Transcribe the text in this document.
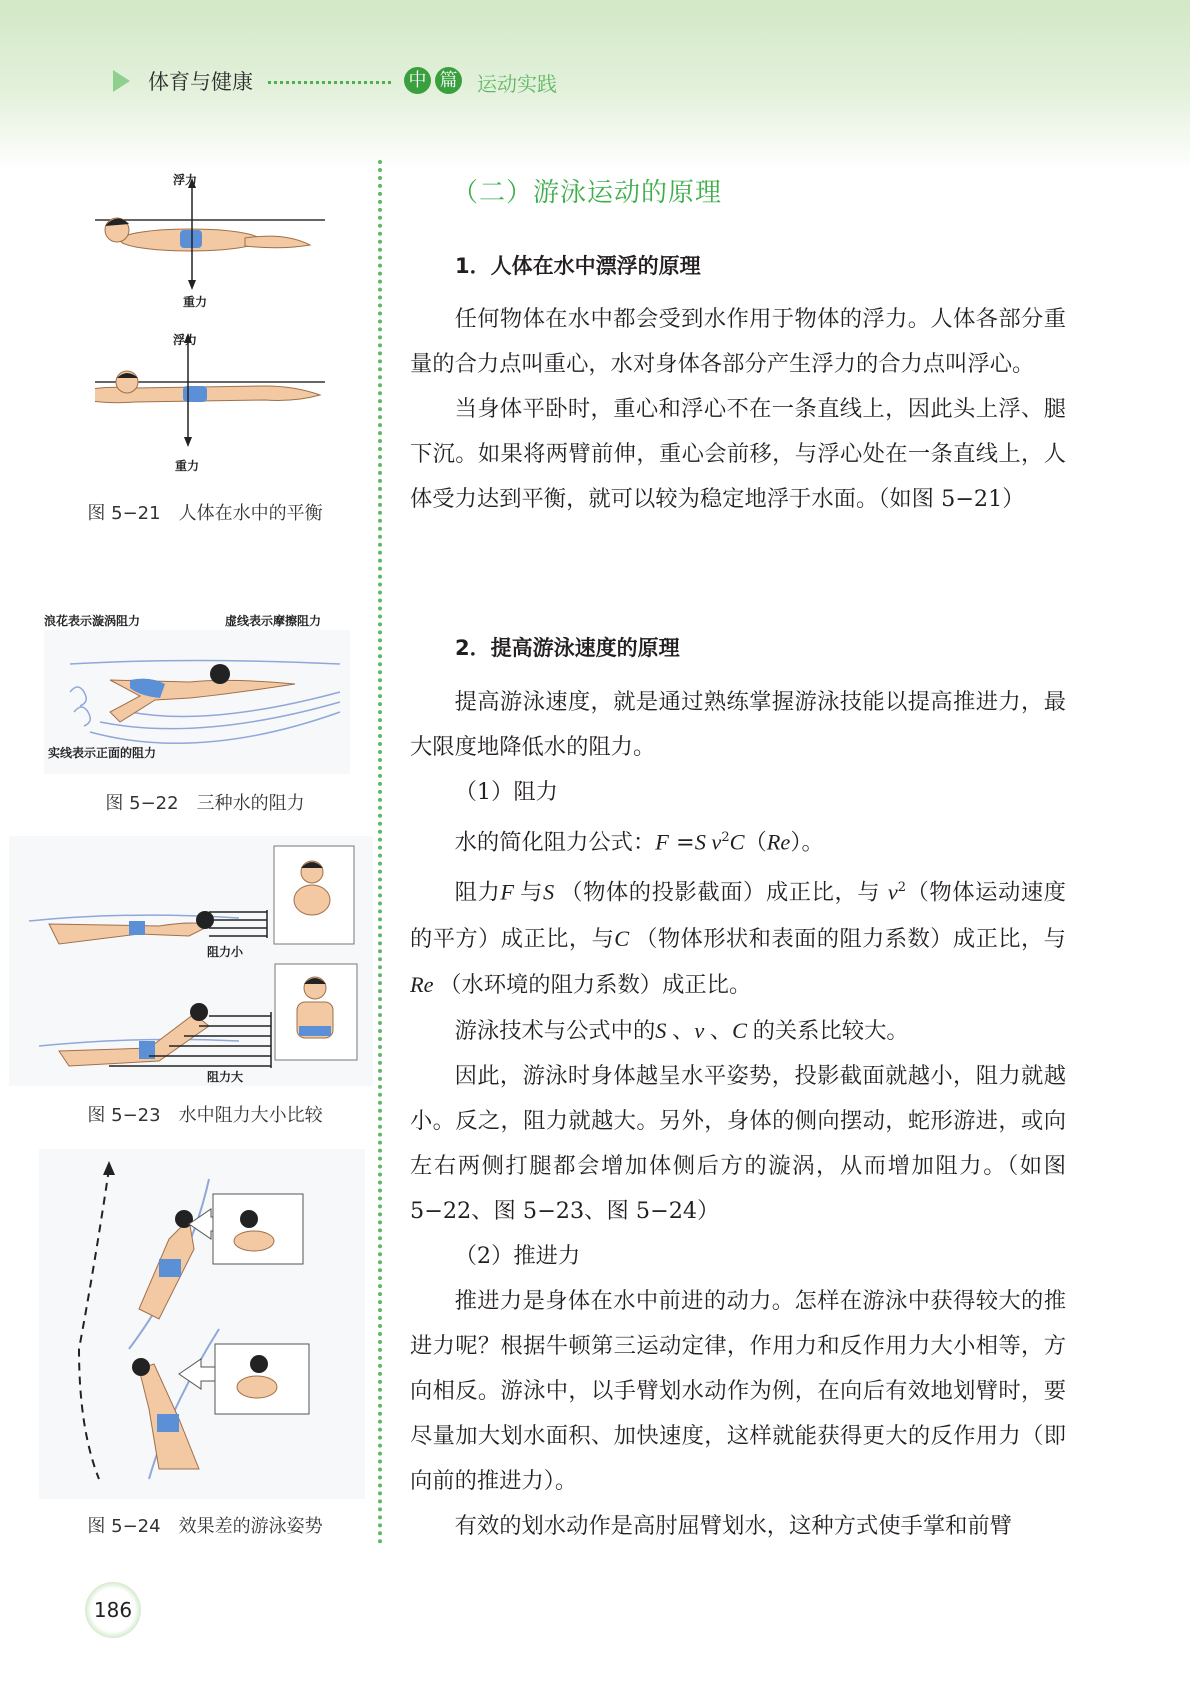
体育与健康	中 篇 运动实践
（二）游泳运动的原理
1．人体在水中漂浮的原理

任何物体在水中都会受到水作用于物体的浮力。人体各部分重量的合力点叫重心，水对身体各部分产生浮力的合力点叫浮心。

当身体平卧时，重心和浮心不在一条直线上，因此头上浮、腿下沉。如果将两臂前伸，重心会前移，与浮心处在一条直线上，人体受力达到平衡，就可以较为稳定地浮于水面。（如图 5−21）

2．提高游泳速度的原理

提高游泳速度，就是通过熟练掌握游泳技能以提高推进力，最大限度地降低水的阻力。

（1）阻力

水的简化阻力公式：F =S $v^2C(Re)$。

阻力F 与S （物体的投影截面）成正比，与 $v^2$（物体运动速度的平方）成正比，与C （物体形状和表面的阻力系数）成正比，与Re （水环境的阻力系数）成正比。

游泳技术与公式中的S 、v 、C 的关系比较大。

因此，游泳时身体越呈水平姿势，投影截面就越小，阻力就越小。反之，阻力就越大。另外，身体的侧向摆动，蛇形游进，或向左右两侧打腿都会增加体侧后方的漩涡，从而增加阻力。（如图 5−22、图 5−23、图 5−24）

（2）推进力

推进力是身体在水中前进的动力。怎样在游泳中获得较大的推进力呢？根据牛顿第三运动定律，作用力和反作用力大小相等，方向相反。游泳中，以手臂划水动作为例，在向后有效地划臂时，要尽量加大划水面积、加快速度，这样就能获得更大的反作用力（即向前的推进力）。

有效的划水动作是高肘屈臂划水，这种方式使手掌和前臂

浮力
重力
浮力
重力
图 5−21　人体在水中的平衡
浪花表示漩涡阻力	虚线表示摩擦阻力
实线表示正面的阻力
图 5−22　三种水的阻力
阻力小
阻力大
图 5−23　水中阻力大小比较
图 5−24　效果差的游泳姿势
186
